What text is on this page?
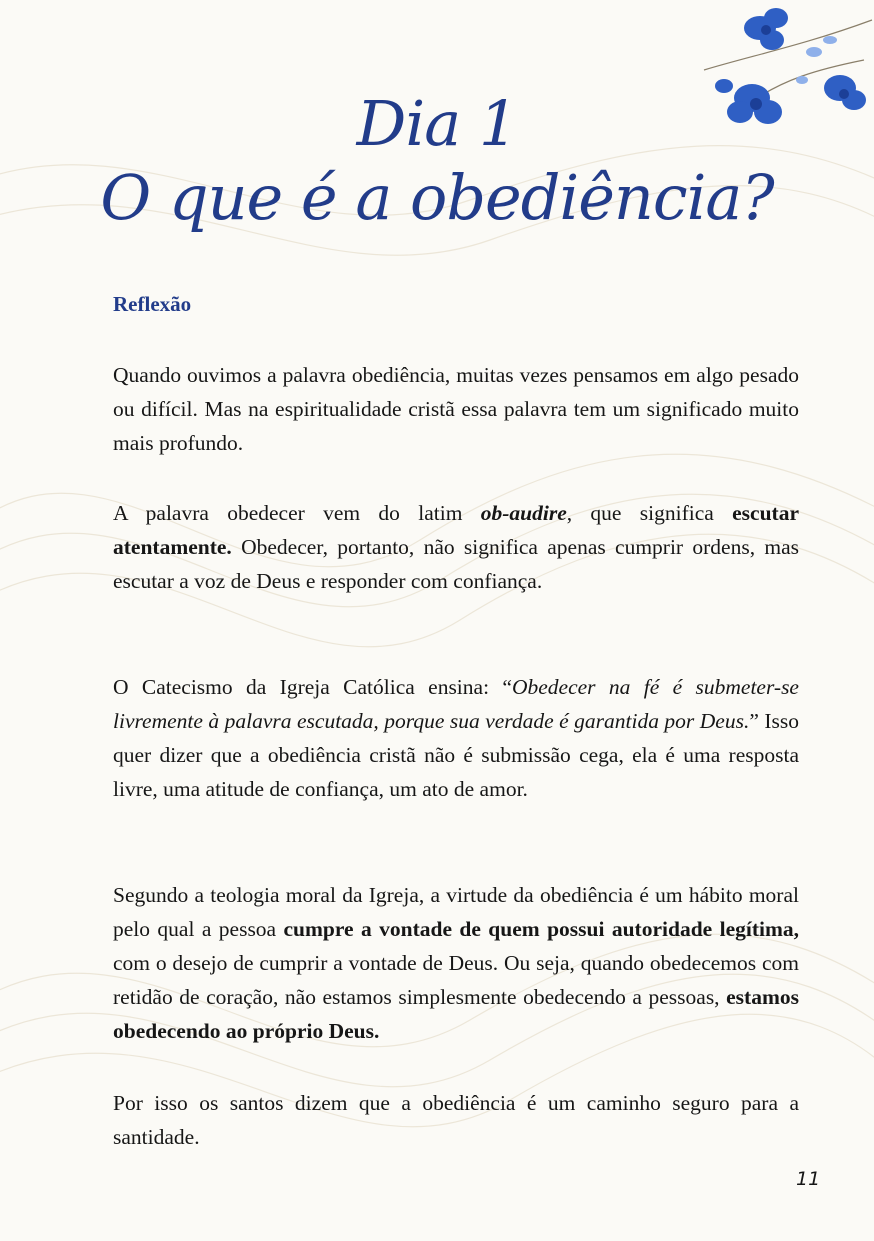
Dia 1
O que é a obediência?
Reflexão

Quando ouvimos a palavra obediência, muitas vezes pensamos em algo pesado ou difícil. Mas na espiritualidade cristã essa palavra tem um significado muito mais profundo.

A palavra obedecer vem do latim ob-audire, que significa escutar atentamente. Obedecer, portanto, não significa apenas cumprir ordens, mas escutar a voz de Deus e responder com confiança.

O Catecismo da Igreja Católica ensina: “Obedecer na fé é submeter-se livremente à palavra escutada, porque sua verdade é garantida por Deus.” Isso quer dizer que a obediência cristã não é submissão cega, ela é uma resposta livre, uma atitude de confiança, um ato de amor.

Segundo a teologia moral da Igreja, a virtude da obediência é um hábito moral pelo qual a pessoa cumpre a vontade de quem possui autoridade legítima, com o desejo de cumprir a vontade de Deus. Ou seja, quando obedecemos com retidão de coração, não estamos simplesmente obedecendo a pessoas, estamos obedecendo ao próprio Deus.

Por isso os santos dizem que a obediência é um caminho seguro para a santidade.

11
